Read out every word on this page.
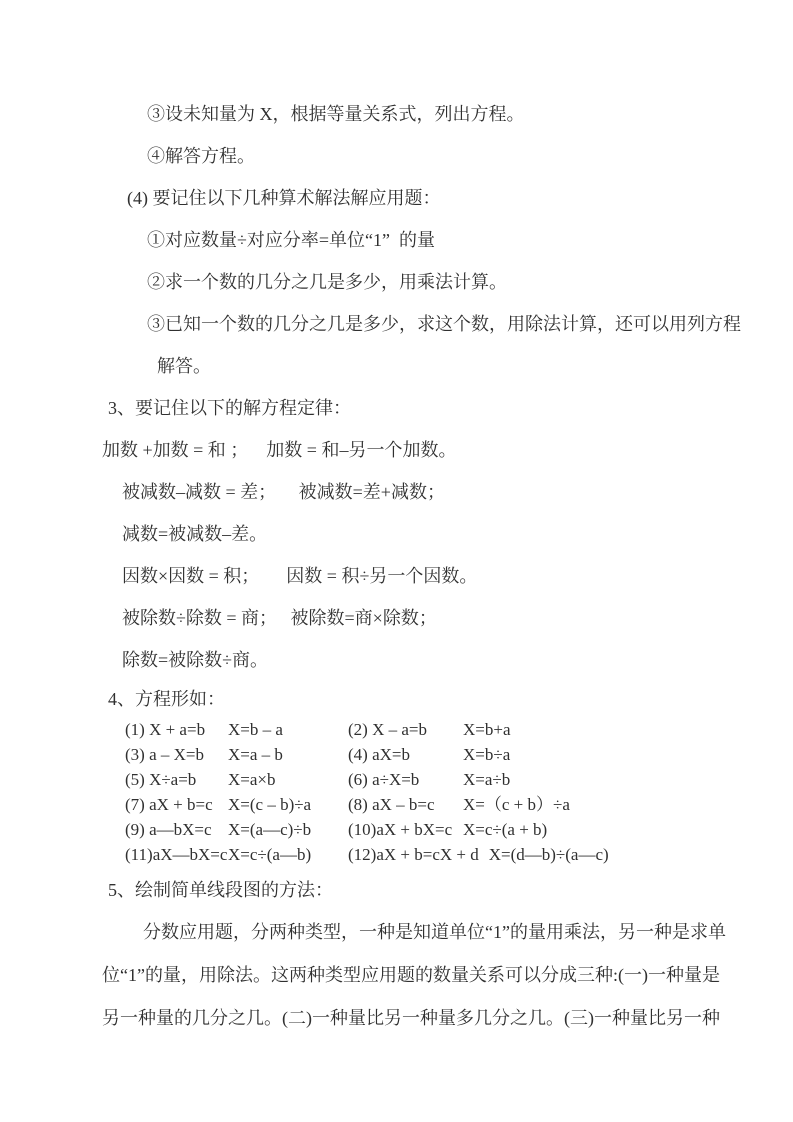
③设未知量为 X，根据等量关系式，列出方程。
④解答方程。
(4) 要记住以下几种算术解法解应用题：
①对应数量÷对应分率=单位“1”  的量
②求一个数的几分之几是多少，用乘法计算。
③已知一个数的几分之几是多少，求这个数，用除法计算，还可以用列方程
解答。
3、要记住以下的解方程定律：
加数 +加数 = 和 ；    加数 = 和–另一个加数。
被减数–减数 = 差；     被减数=差+减数；
减数=被减数–差。
因数×因数 = 积；      因数 = 积÷另一个因数。
被除数÷除数 = 商；   被除数=商×除数；
除数=被除数÷商。
4、方程形如：
(1) X + a=b	X=b – a	(2) X – a=b	X=b+a
(3) a – X=b	X=a – b	(4) aX=b	X=b÷a
(5) X÷a=b	X=a×b	(6) a÷X=b	X=a÷b
(7) aX + b=c X=(c – b)÷a	(8) aX – b=c	X=（c + b）÷a
(9) a—bX=c X=(a—c)÷b	(10)aX + bX=c X=c÷(a + b)
(11)aX—bX=c X=c÷(a—b)	(12)aX + b=cX + d X=(d—b)÷(a—c)
5、绘制简单线段图的方法：
分数应用题，分两种类型，一种是知道单位“1”的量用乘法，另一种是求单
位“1”的量，用除法。这两种类型应用题的数量关系可以分成三种:(一)一种量是
另一种量的几分之几。(二)一种量比另一种量多几分之几。(三)一种量比另一种
